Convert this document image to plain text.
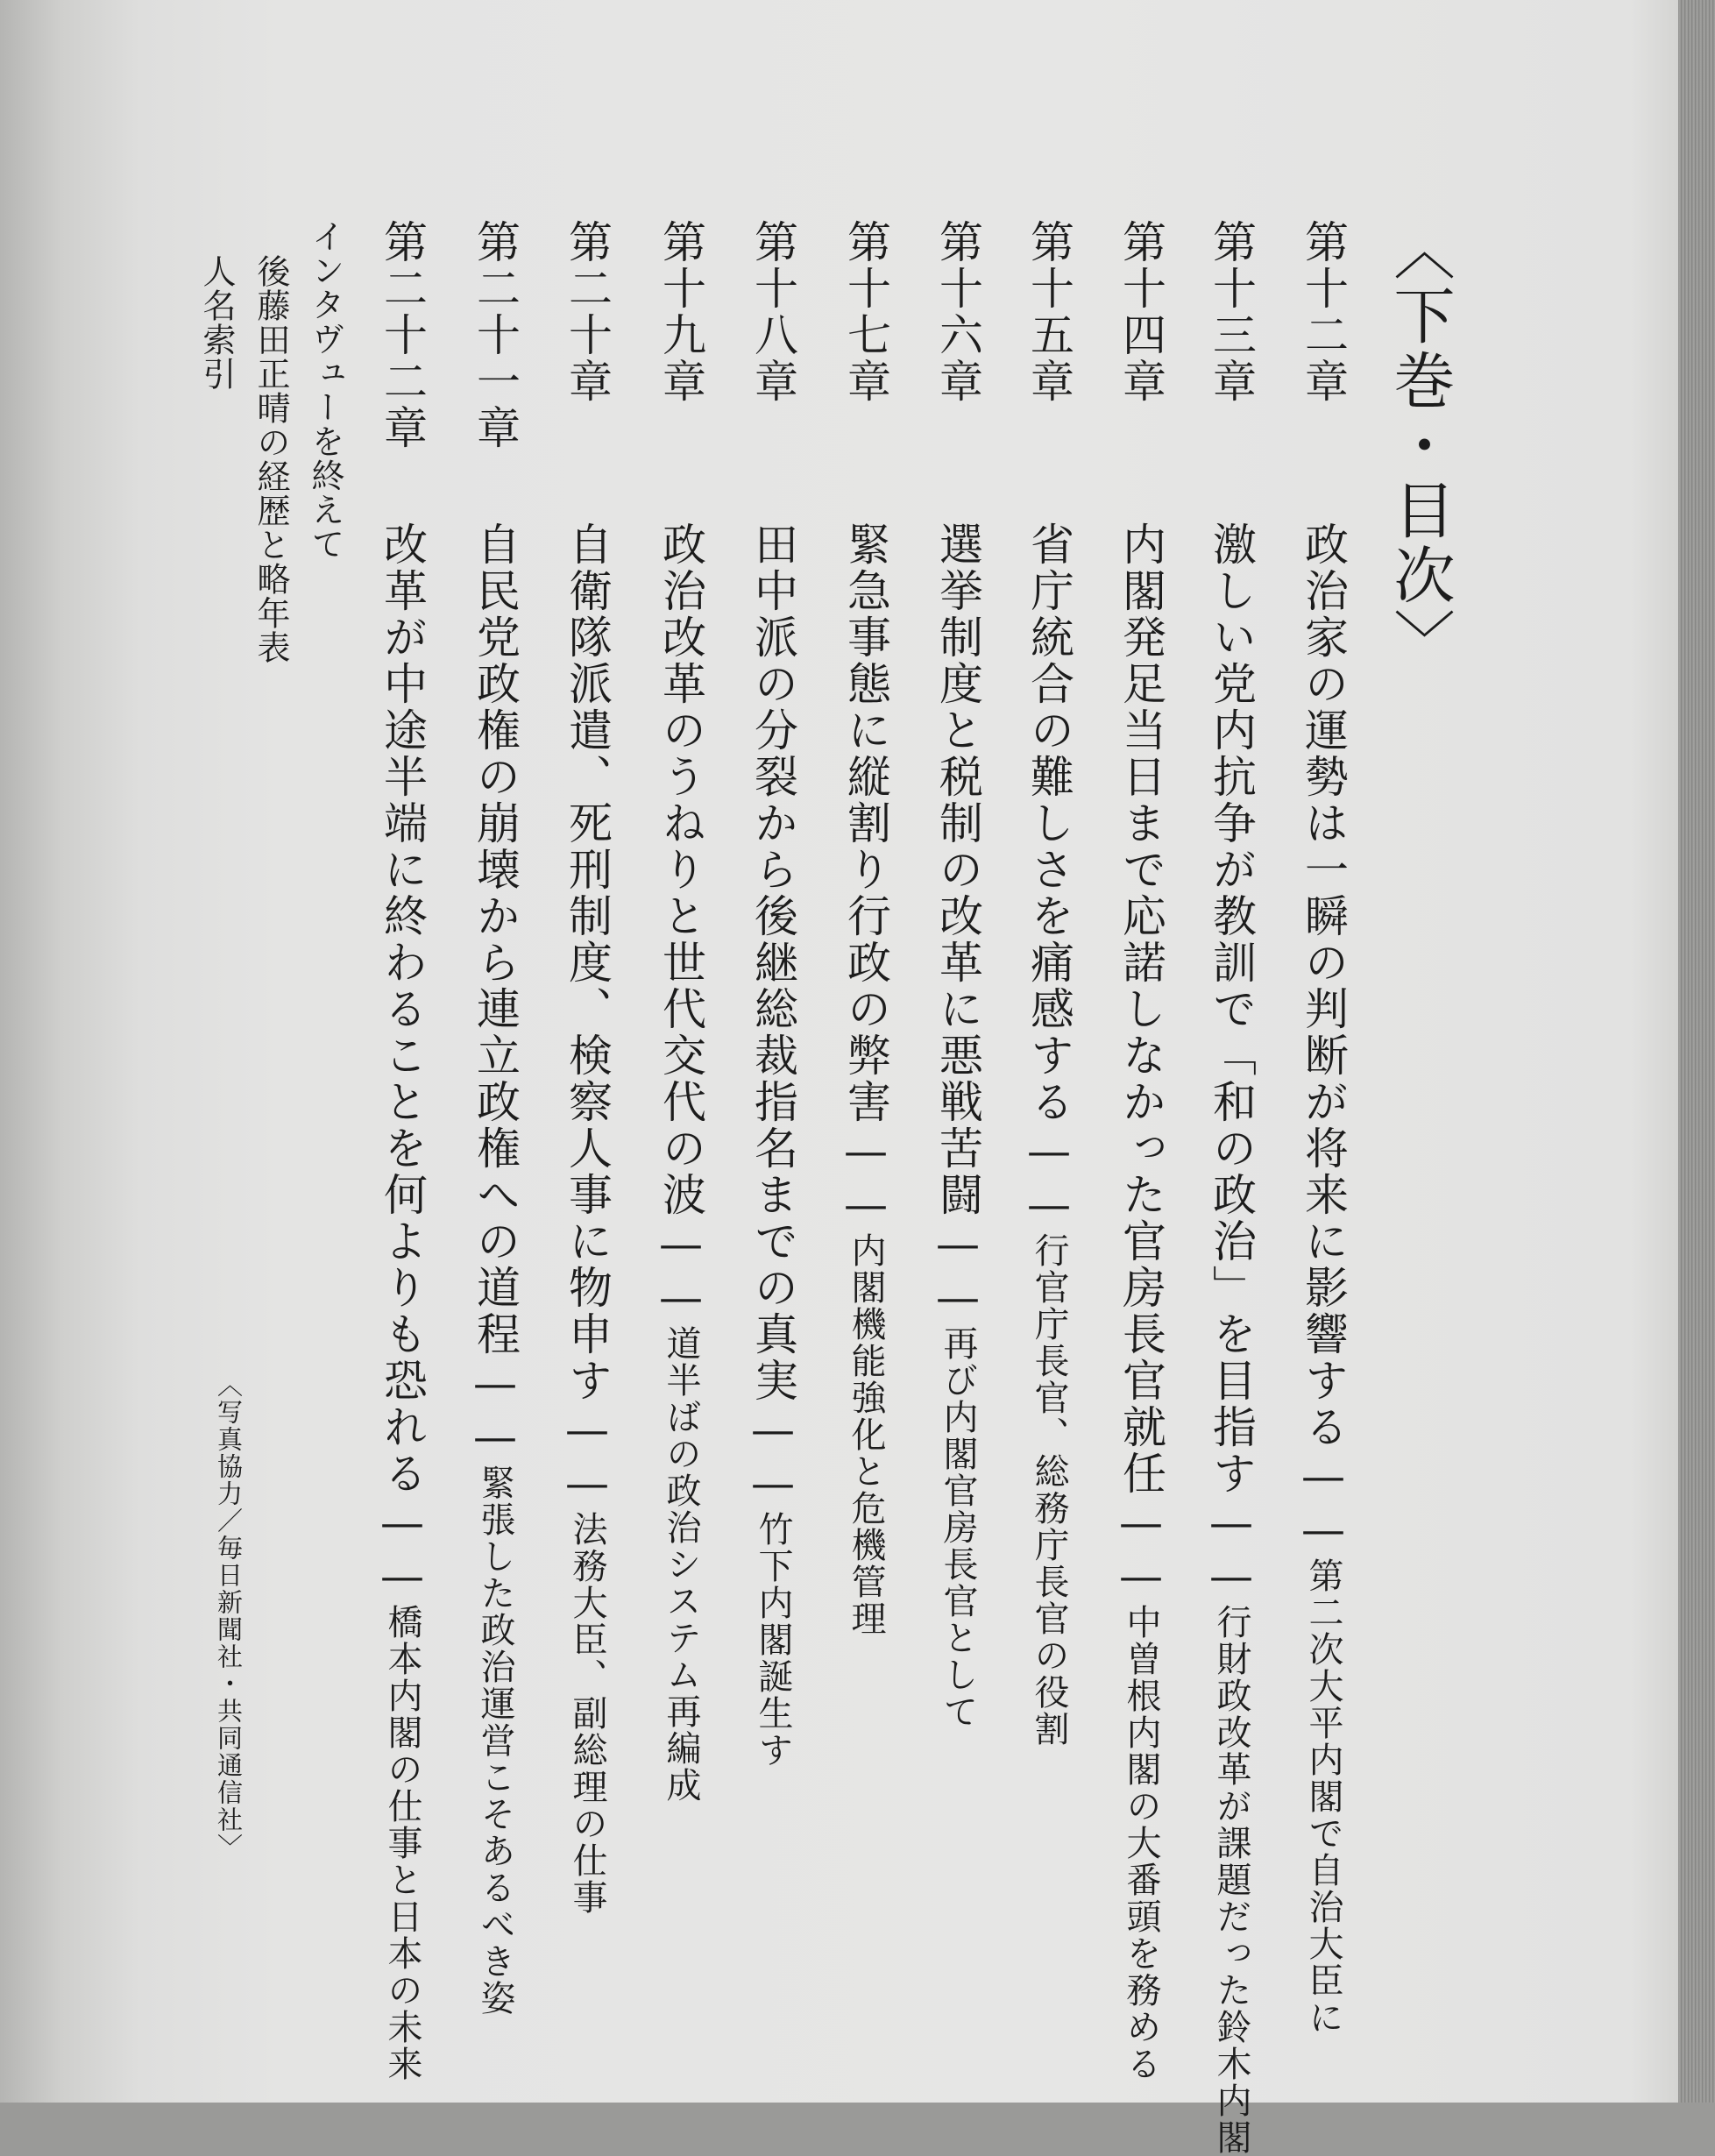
〈下巻・目次〉
第十二章政治家の運勢は一瞬の判断が将来に影響する——第二次大平内閣で自治大臣に
第十三章激しい党内抗争が教訓で「和の政治」を目指す——行財政改革が課題だった鈴木内閣
第十四章内閣発足当日まで応諾しなかった官房長官就任——中曽根内閣の大番頭を務める
第十五章省庁統合の難しさを痛感する——行官庁長官、総務庁長官の役割
第十六章選挙制度と税制の改革に悪戦苦闘——再び内閣官房長官として
第十七章緊急事態に縦割り行政の弊害——内閣機能強化と危機管理
第十八章田中派の分裂から後継総裁指名までの真実——竹下内閣誕生す
第十九章政治改革のうねりと世代交代の波——道半ばの政治システム再編成
第二十章自衛隊派遣、死刑制度、検察人事に物申す——法務大臣、副総理の仕事
第二十一章自民党政権の崩壊から連立政権への道程——緊張した政治運営こそあるべき姿
第二十二章改革が中途半端に終わることを何よりも恐れる——橋本内閣の仕事と日本の未来
インタヴューを終えて
後藤田正晴の経歴と略年表
人名索引
〈写真協力／毎日新聞社・共同通信社〉
